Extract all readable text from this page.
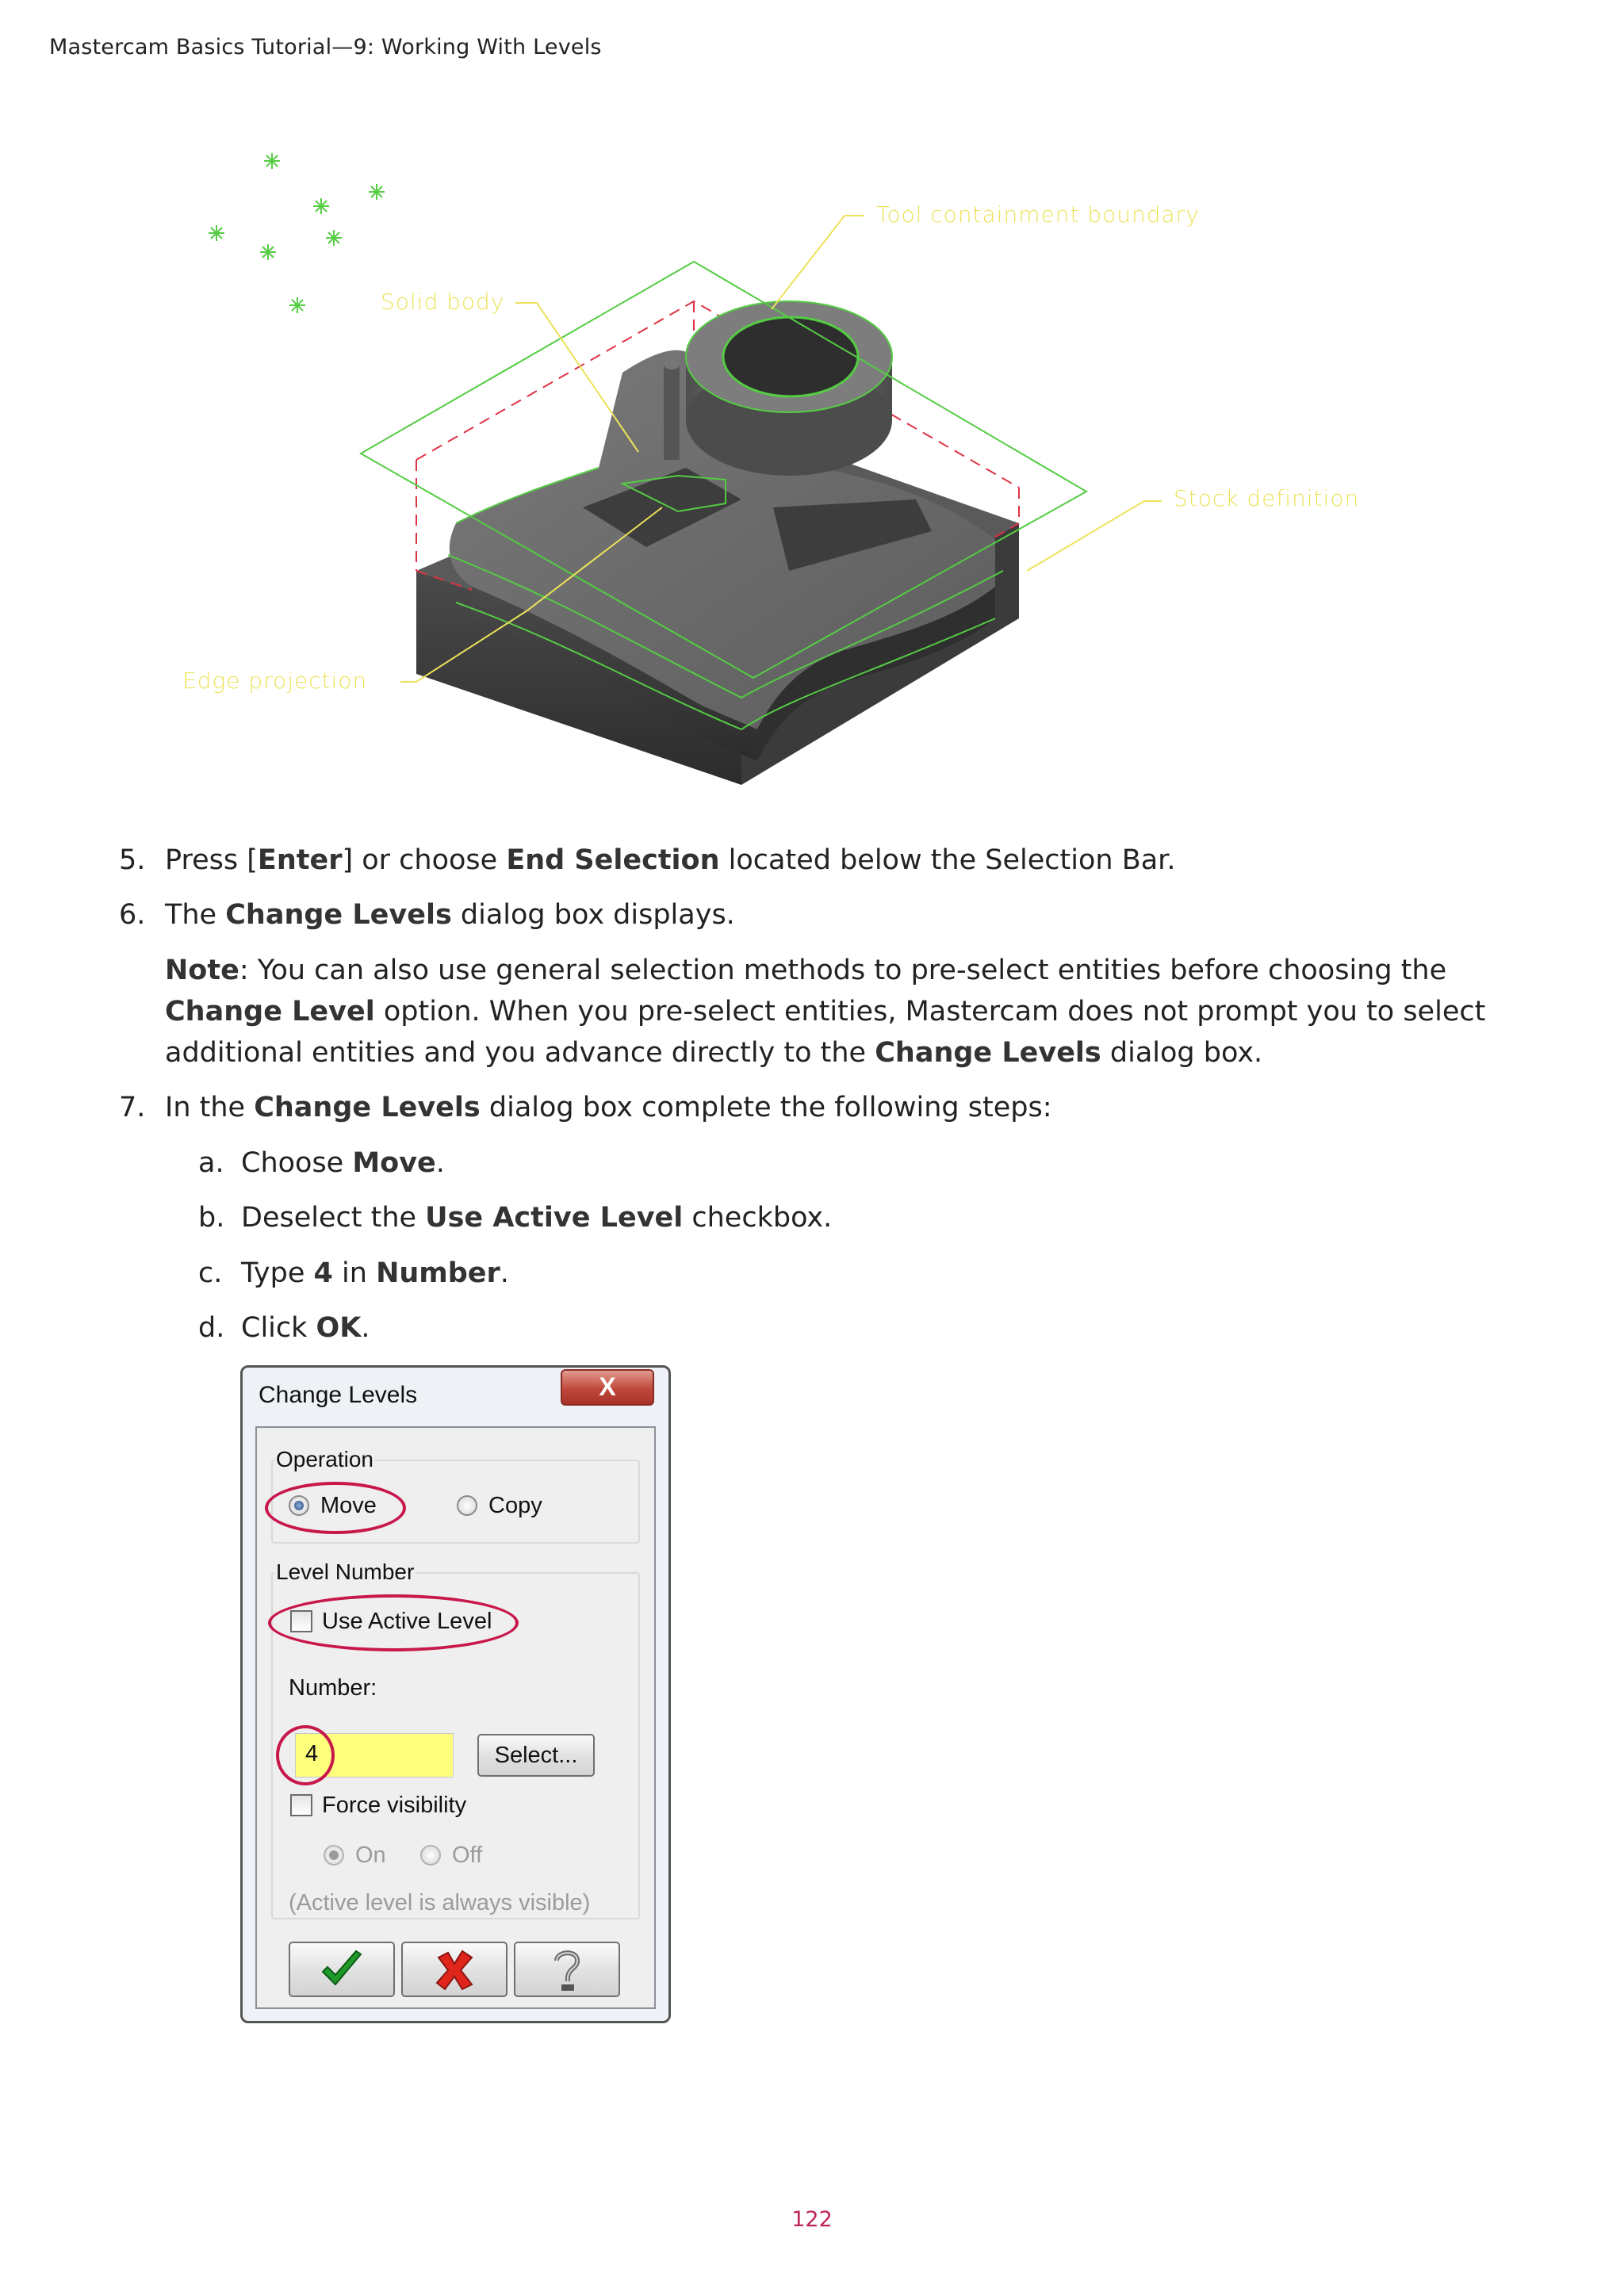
Mastercam Basics Tutorial—9: Working With Levels
Tool containment boundary
Solid body
Stock definition
Edge projection
5. Press [Enter] or choose End Selection located below the Selection Bar.
6. The Change Levels dialog box displays.
Note: You can also use general selection methods to pre-select entities before choosing the Change Level option. When you pre-select entities, Mastercam does not prompt you to select additional entities and you advance directly to the Change Levels dialog box.
7. In the Change Levels dialog box complete the following steps:
a. Choose Move.
b. Deselect the Use Active Level checkbox.
c. Type 4 in Number.
d. Click OK.
Change Levels	X
Operation
Move	Copy
Level Number
Use Active Level
Number:
4	Select...
Force visibility
On	Off
(Active level is always visible)
122
